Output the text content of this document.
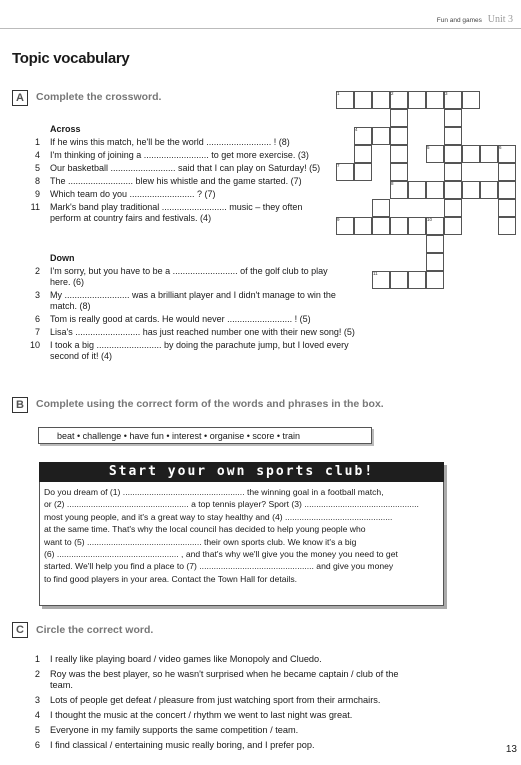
Fun and games Unit 3
Topic vocabulary
A	Complete the crossword.
Across
1 If he wins this match, he'll be the world .......................... ! (8)
4 I'm thinking of joining a .......................... to get more exercise. (3)
5 Our basketball .......................... said that I can play on Saturday! (5)
8 The .......................... blew his whistle and the game started. (7)
9 Which team do you .......................... ? (7)
11 Mark's band play traditional .......................... music – they often
perform at country fairs and festivals. (4)
Down
2 I'm sorry, but you have to be a .......................... of the golf club to play
here. (6)
3 My .......................... was a brilliant player and I didn't manage to win the
match. (8)
6 Tom is really good at cards. He would never .......................... ! (5)
7 Lisa's .......................... has just reached number one with their new song! (5)
10 I took a big .......................... by doing the parachute jump, but I loved every
second of it! (4)
1	2	3
4
5	6
7
8
9	10
11
B	Complete using the correct form of the words and phrases in the box.
beat • challenge • have fun • interest • organise • score • train
Start your own sports club!
Do you dream of (1) ................................................... the winning goal in a football match,
or (2) ................................................... a top tennis player? Sport (3) ................................................
most young people, and it's a great way to stay healthy and (4) .............................................
at the same time. That's why the local council has decided to help young people who
want to (5) ................................................ their own sports club. We know it's a big
(6) ................................................... , and that's why we'll give you the money you need to get
started. We'll help you find a place to (7) ................................................ and give you money
to find good players in your area. Contact the Town Hall for details.
C	Circle the correct word.
1 I really like playing board / video games like Monopoly and Cluedo.
2 Roy was the best player, so he wasn't surprised when he became captain / club of the
team.
3 Lots of people get defeat / pleasure from just watching sport from their armchairs.
4 I thought the music at the concert / rhythm we went to last night was great.
5 Everyone in my family supports the same competition / team.
6 I find classical / entertaining music really boring, and I prefer pop.	13
